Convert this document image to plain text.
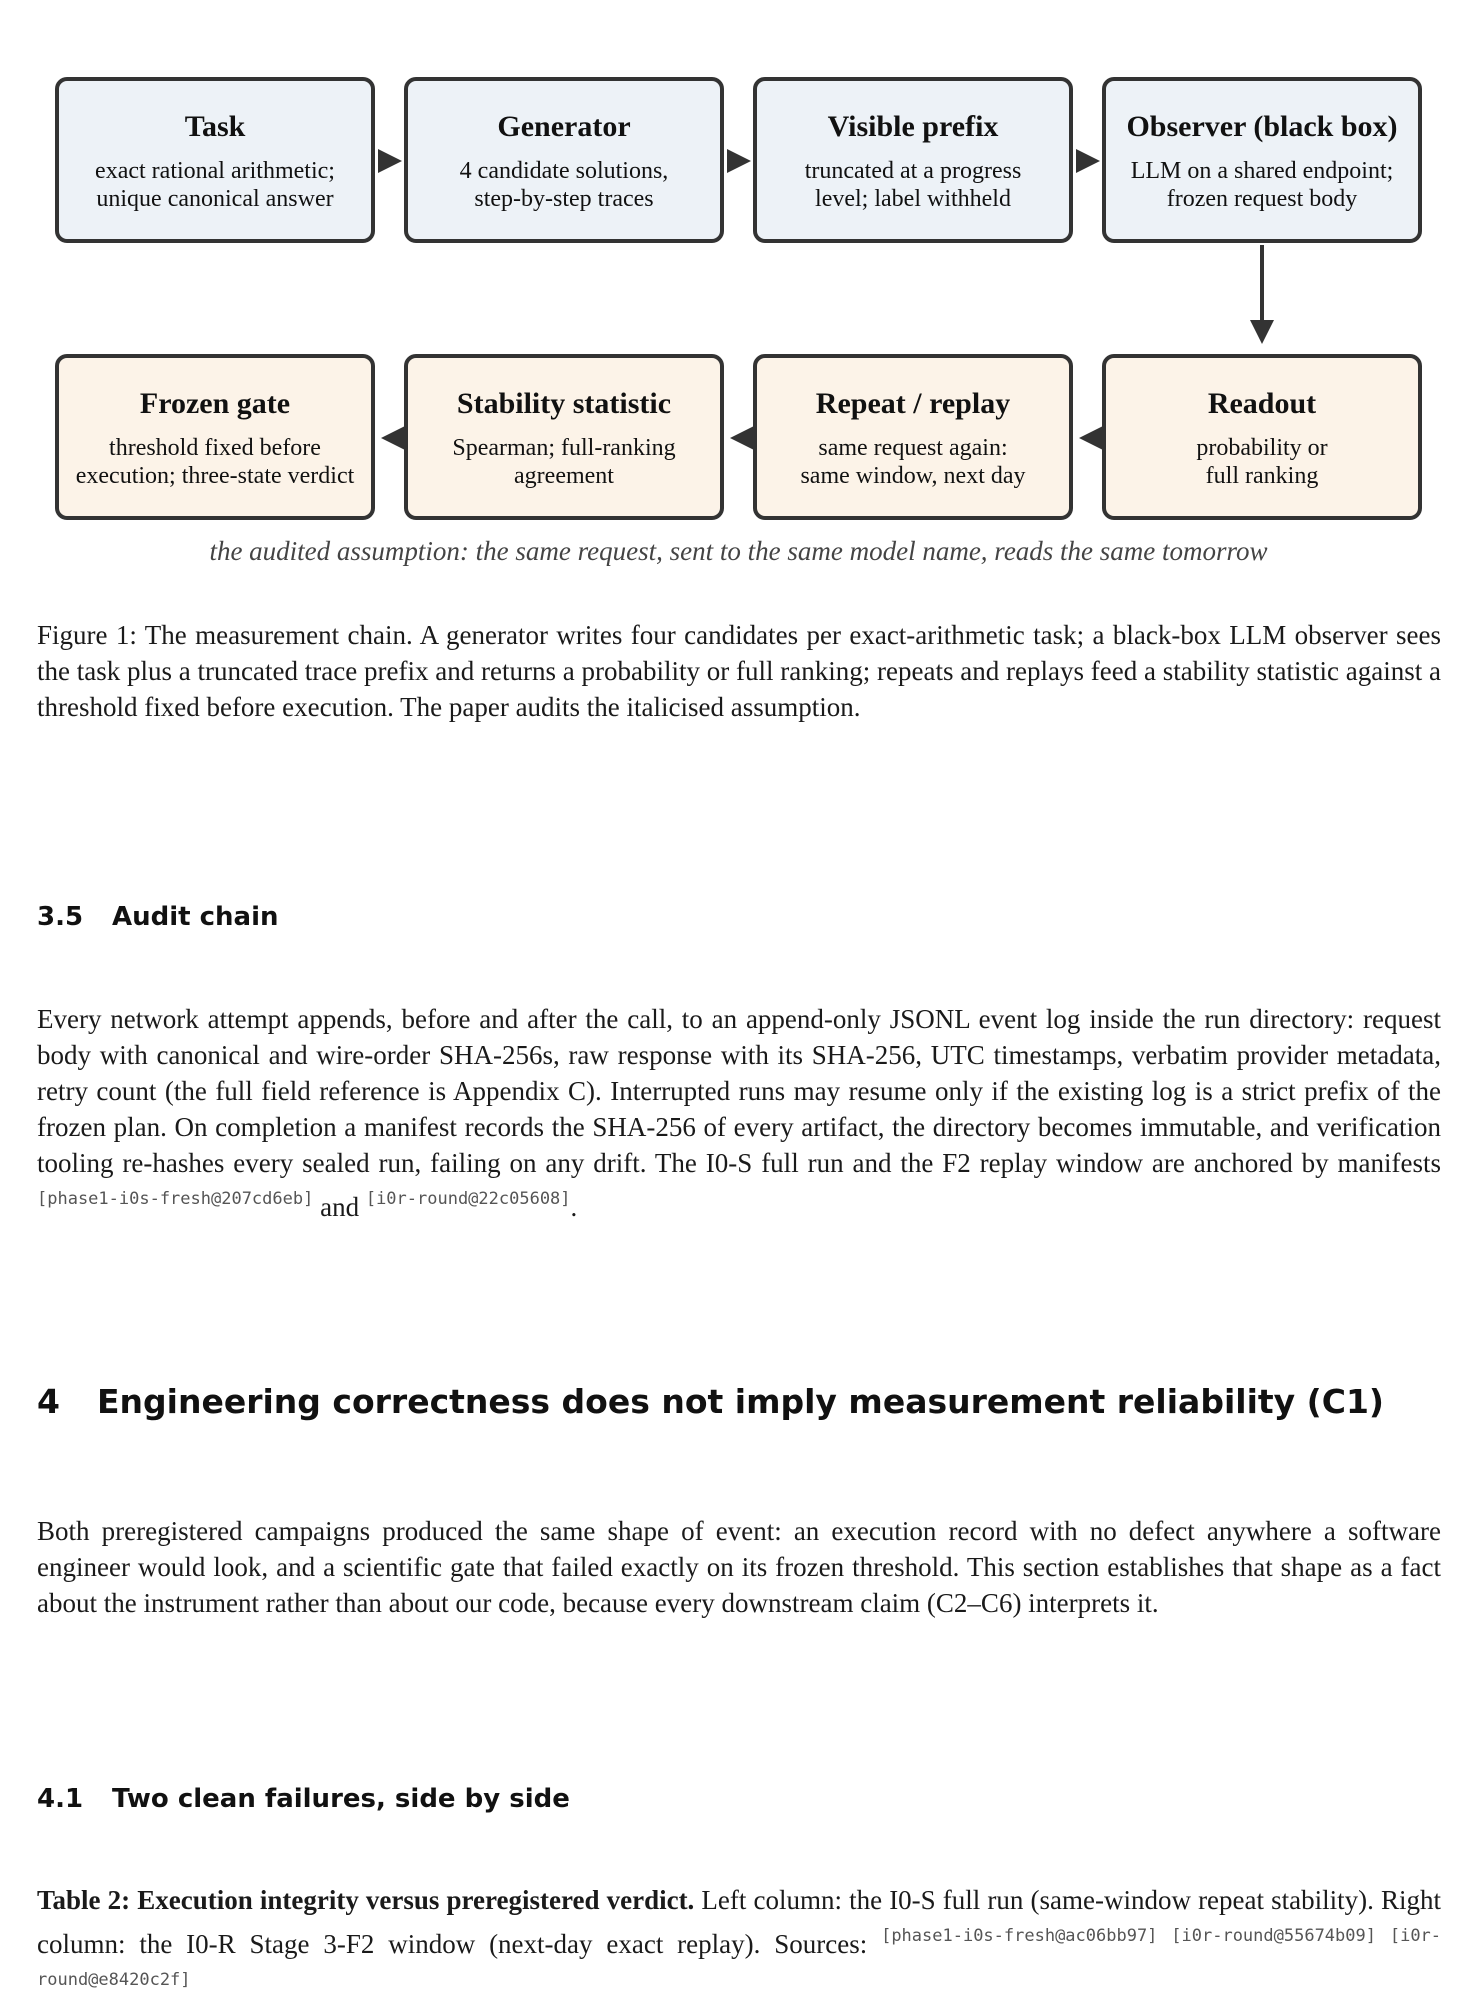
Task
exact rational arithmetic;
unique canonical answer
Generator
4 candidate solutions,
step-by-step traces
Visible prefix
truncated at a progress
level; label withheld
Observer (black box)
LLM on a shared endpoint;
frozen request body
Frozen gate
threshold fixed before
execution; three-state verdict
Stability statistic
Spearman; full-ranking
agreement
Repeat / replay
same request again:
same window, next day
Readout
probability or
full ranking
the audited assumption: the same request, sent to the same model name, reads the same tomorrow
Figure 1: The measurement chain. A generator writes four candidates per exact-arithmetic task; a black-box LLM observer sees the task plus a truncated trace prefix and returns a probability or full ranking; repeats and replays feed a stability statistic against a threshold fixed before execution. The paper audits the italicised assumption.
3.5 Audit chain
Every network attempt appends, before and after the call, to an append-only JSONL event log inside the run directory: request body with canonical and wire-order SHA-256s, raw response with its SHA-256, UTC timestamps, verbatim provider metadata, retry count (the full field reference is Appendix C). Interrupted runs may resume only if the existing log is a strict prefix of the frozen plan. On completion a manifest records the SHA-256 of every artifact, the directory becomes immutable, and verification tooling re-hashes every sealed run, failing on any drift. The I0-S full run and the F2 replay window are anchored by manifests [phase1-i0s-fresh@207cd6eb] and [i0r-round@22c05608].
4 Engineering correctness does not imply measurement reliability (C1)
Both preregistered campaigns produced the same shape of event: an execution record with no defect anywhere a software engineer would look, and a scientific gate that failed exactly on its frozen threshold. This section establishes that shape as a fact about the instrument rather than about our code, because every downstream claim (C2–C6) interprets it.
4.1 Two clean failures, side by side
Table 2: Execution integrity versus preregistered verdict. Left column: the I0-S full run (same-window repeat stability). Right column: the I0-R Stage 3-F2 window (next-day exact replay). Sources: [phase1-i0s-fresh@ac06bb97] [i0r-round@55674b09] [i0r-round@e8420c2f]
